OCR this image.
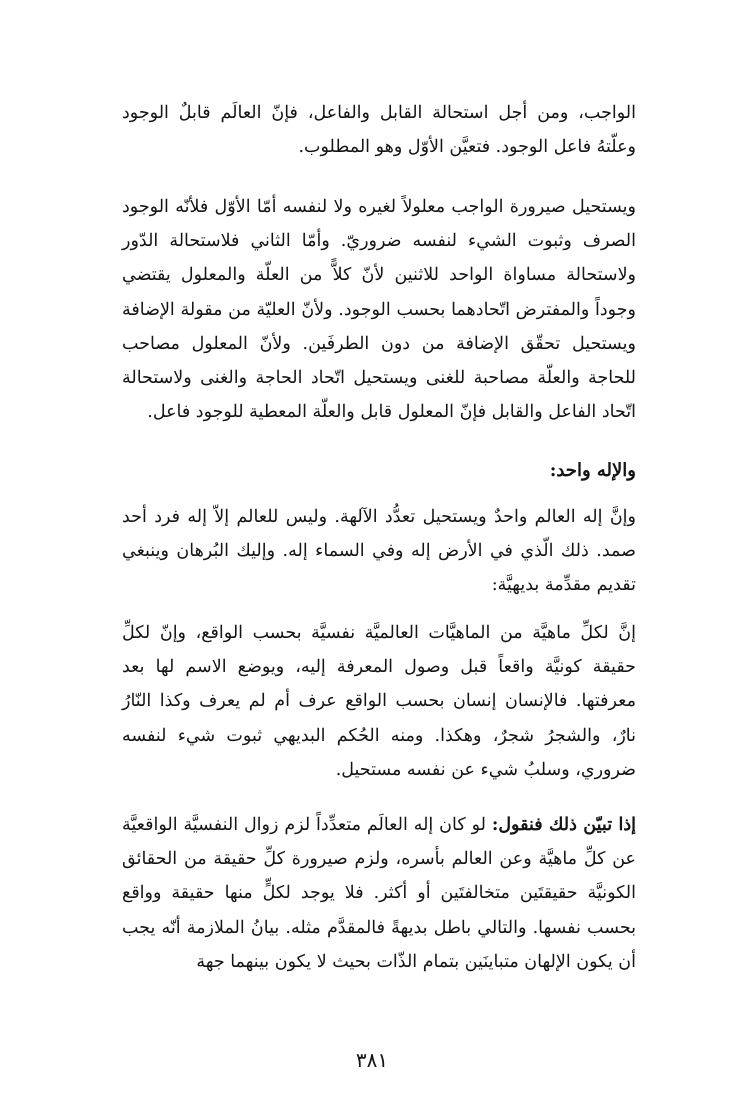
الواجب، ومن أجل استحالة القابل والفاعل، فإنّ العالَم قابلٌ الوجود وعلّتهُ فاعل الوجود. فتعيَّن الأوّل وهو المطلوب.

ويستحيل صيرورة الواجب معلولاً لغيره ولا لنفسه أمّا الأوّل فلأنّه الوجود الصرف وثبوت الشيء لنفسه ضروريّ. وأمّا الثاني فلاستحالة الدّور ولاستحالة مساواة الواحد للاثنين لأنّ كلاًّ من العلّة والمعلول يقتضي وجوداً والمفترض اتّحادهما بحسب الوجود. ولأنّ العليّة من مقولة الإضافة ويستحيل تحقّق الإضافة من دون الطرفَين. ولأنّ المعلول مصاحب للحاجة والعلّة مصاحبة للغنى ويستحيل اتّحاد الحاجة والغنى ولاستحالة اتّحاد الفاعل والقابل فإنّ المعلول قابل والعلّة المعطية للوجود فاعل.

والإله واحد:

وإنَّ إله العالم واحدٌ ويستحيل تعدُّد الآلهة. وليس للعالم إلاّ إله فرد أحد صمد. ذلك الّذي في الأرض إله وفي السماء إله. وإليك البُرهان وينبغي تقديم مقدِّمة بديهيَّة:

إنَّ لكلِّ ماهيَّة من الماهيَّات العالميَّة نفسيَّة بحسب الواقع، وإنّ لكلِّ حقيقة كونيَّة واقعاً قبل وصول المعرفة إليه، ويوضع الاسم لها بعد معرفتها. فالإنسان إنسان بحسب الواقع عرف أم لم يعرف وكذا النّارُ نارٌ، والشجرُ شجرٌ، وهكذا. ومنه الحُكم البديهي ثبوت شيء لنفسه ضروري، وسلبُ شيء عن نفسه مستحيل.

إذا تبيّن ذلك فنقول: لو كان إله العالَم متعدِّداً لزم زوال النفسيَّة الواقعيَّة عن كلِّ ماهيَّة وعن العالم بأسره، ولزم صيرورة كلِّ حقيقة من الحقائق الكونيَّة حقيقتَين متخالفتَين أو أكثر. فلا يوجد لكلٍّ منها حقيقة وواقع بحسب نفسها. والتالي باطل بديهةً فالمقدَّم مثله. بيانُ الملازمة أنّه يجب أن يكون الإلهان متباينَين بتمام الذّات بحيث لا يكون بينهما جهة

٣٨١
